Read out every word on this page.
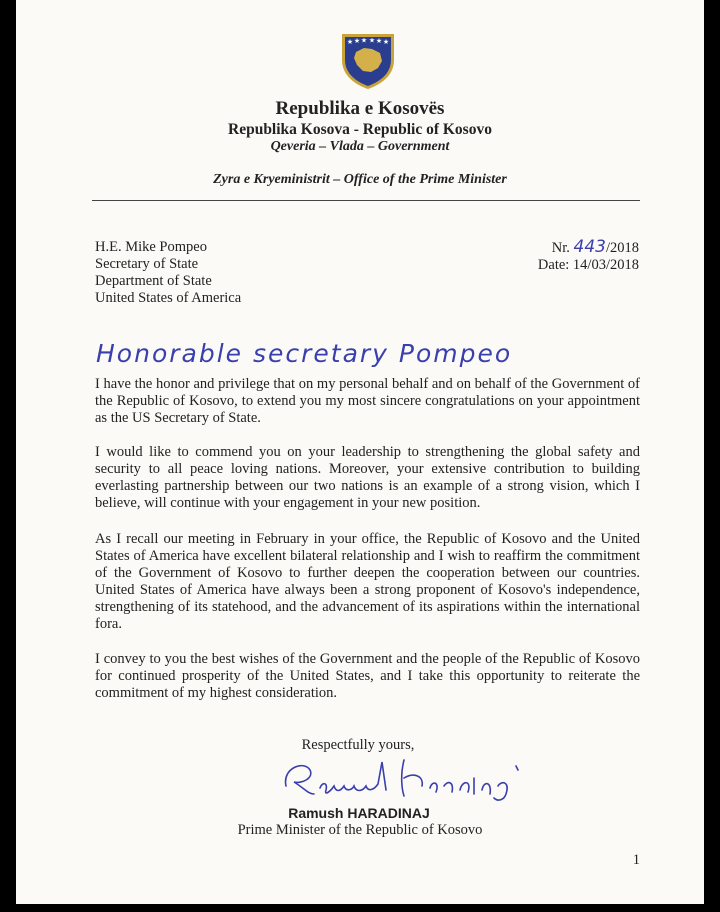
★ ★ ★ ★ ★ ★
Republika e Kosovës
Republika Kosova - Republic of Kosovo
Qeveria – Vlada – Government
Zyra e Kryeministrit – Office of the Prime Minister
H.E. Mike Pompeo
Secretary of State
Department of State
United States of America
Nr. 443/2018
Date: 14/03/2018
Honorable secretary Pompeo
I have the honor and privilege that on my personal behalf and on behalf of the Government of the Republic of Kosovo, to extend you my most sincere congratulations on your appointment as the US Secretary of State.
I would like to commend you on your leadership to strengthening the global safety and security to all peace loving nations. Moreover, your extensive contribution to building everlasting partnership between our two nations is an example of a strong vision, which I believe, will continue with your engagement in your new position.
As I recall our meeting in February in your office, the Republic of Kosovo and the United States of America have excellent bilateral relationship and I wish to reaffirm the commitment of the Government of Kosovo to further deepen the cooperation between our countries. United States of America have always been a strong proponent of Kosovo's independence, strengthening of its statehood, and the advancement of its aspirations within the international fora.
I convey to you the best wishes of the Government and the people of the Republic of Kosovo for continued prosperity of the United States, and I take this opportunity to reiterate the commitment of my highest consideration.
Respectfully yours,
Ramush HARADINAJ
Prime Minister of the Republic of Kosovo
1
